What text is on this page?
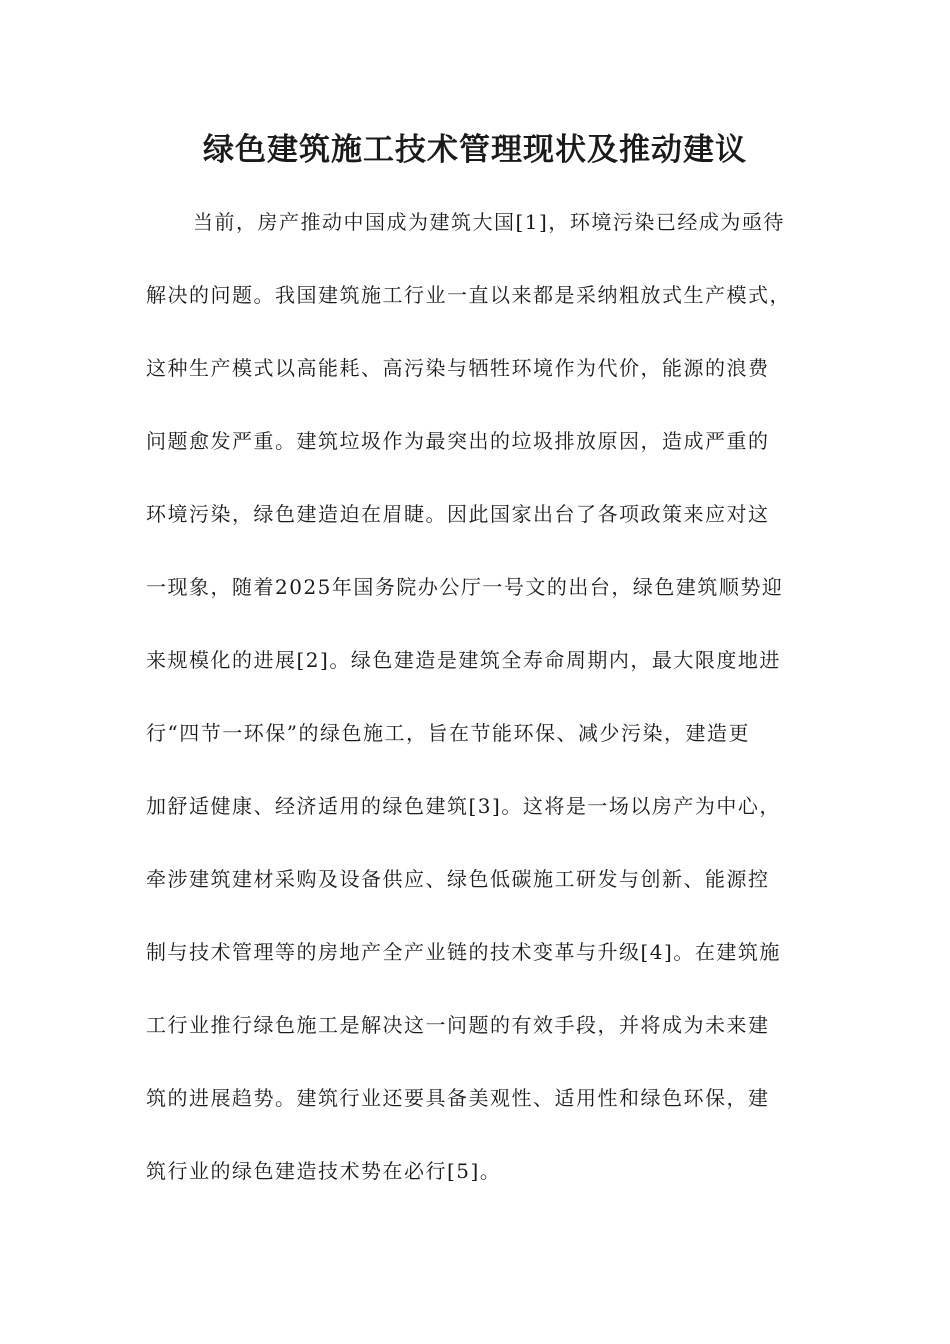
绿色建筑施工技术管理现状及推动建议
当前，房产推动中国成为建筑大国[1]，环境污染已经成为亟待
解决的问题。我国建筑施工行业一直以来都是采纳粗放式生产模式，
这种生产模式以高能耗、高污染与牺牲环境作为代价，能源的浪费
问题愈发严重。建筑垃圾作为最突出的垃圾排放原因，造成严重的
环境污染，绿色建造迫在眉睫。因此国家出台了各项政策来应对这
一现象，随着2025年国务院办公厅一号文的出台，绿色建筑顺势迎
来规模化的进展[2]。绿色建造是建筑全寿命周期内，最大限度地进
行“四节一环保”的绿色施工，旨在节能环保、减少污染，建造更
加舒适健康、经济适用的绿色建筑[3]。这将是一场以房产为中心，
牵涉建筑建材采购及设备供应、绿色低碳施工研发与创新、能源控
制与技术管理等的房地产全产业链的技术变革与升级[4]。在建筑施
工行业推行绿色施工是解决这一问题的有效手段，并将成为未来建
筑的进展趋势。建筑行业还要具备美观性、适用性和绿色环保，建
筑行业的绿色建造技术势在必行[5]。
